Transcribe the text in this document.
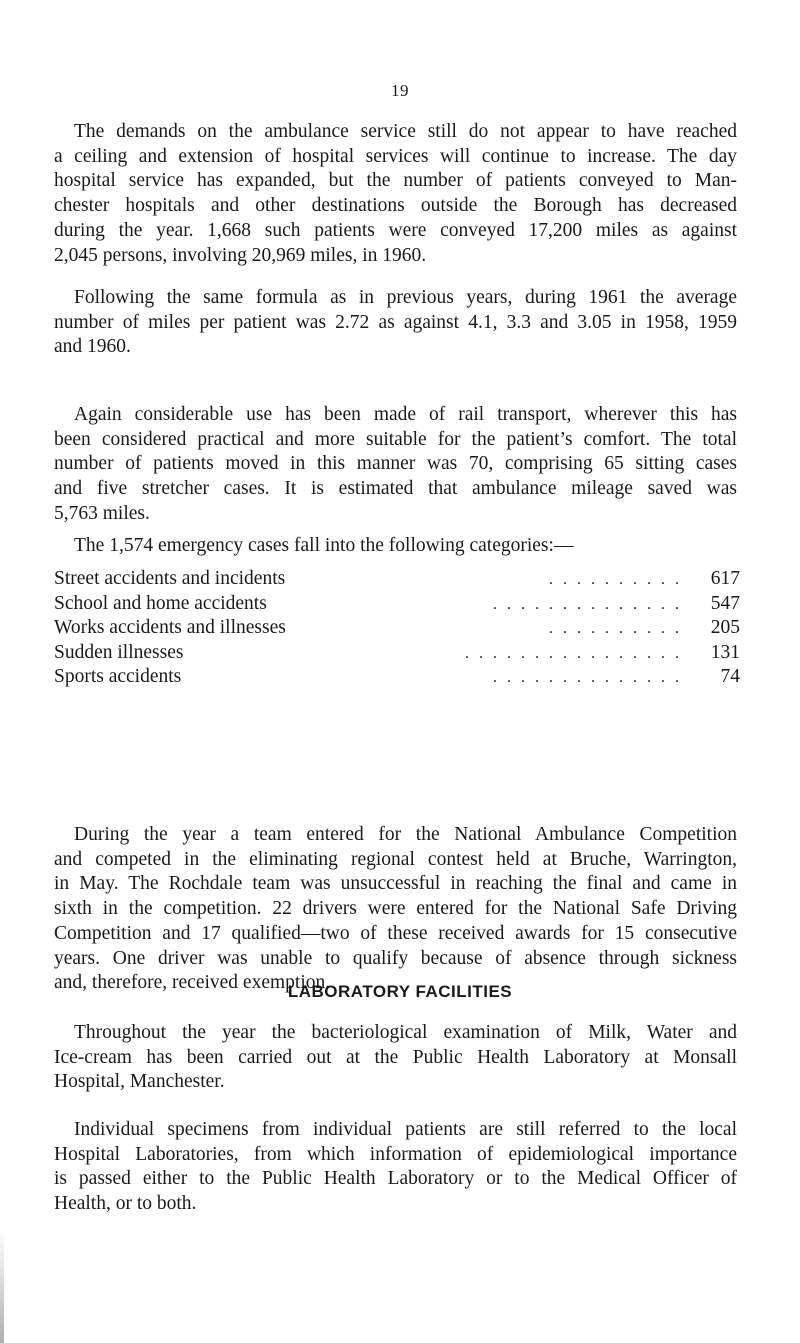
19

The demands on the ambulance service still do not appear to have reached
a ceiling and extension of hospital services will continue to increase. The day
hospital service has expanded, but the number of patients conveyed to Man-
chester hospitals and other destinations outside the Borough has decreased
during the year. 1,668 such patients were conveyed 17,200 miles as against
2,045 persons, involving 20,969 miles, in 1960.

Following the same formula as in previous years, during 1961 the average
number of miles per patient was 2.72 as against 4.1, 3.3 and 3.05 in 1958, 1959
and 1960.

Again considerable use has been made of rail transport, wherever this has
been considered practical and more suitable for the patient’s comfort. The total
number of patients moved in this manner was 70, comprising 65 sitting cases
and five stretcher cases. It is estimated that ambulance mileage saved was
5,763 miles.

The 1,574 emergency cases fall into the following categories:—

Street accidents and incidents	. . . . . . . . . .	617
School and home accidents	. . . . . . . . . . . . . .	547
Works accidents and illnesses	. . . . . . . . . .	205
Sudden illnesses	. . . . . . . . . . . . . . . .	131
Sports accidents	. . . . . . . . . . . . . .	74

During the year a team entered for the National Ambulance Competition
and competed in the eliminating regional contest held at Bruche, Warrington,
in May. The Rochdale team was unsuccessful in reaching the final and came in
sixth in the competition. 22 drivers were entered for the National Safe Driving
Competition and 17 qualified—two of these received awards for 15 consecutive
years. One driver was unable to qualify because of absence through sickness
and, therefore, received exemption.

LABORATORY FACILITIES

Throughout the year the bacteriological examination of Milk, Water and
Ice-cream has been carried out at the Public Health Laboratory at Monsall
Hospital, Manchester.

Individual specimens from individual patients are still referred to the local
Hospital Laboratories, from which information of epidemiological importance
is passed either to the Public Health Laboratory or to the Medical Officer of
Health, or to both.
